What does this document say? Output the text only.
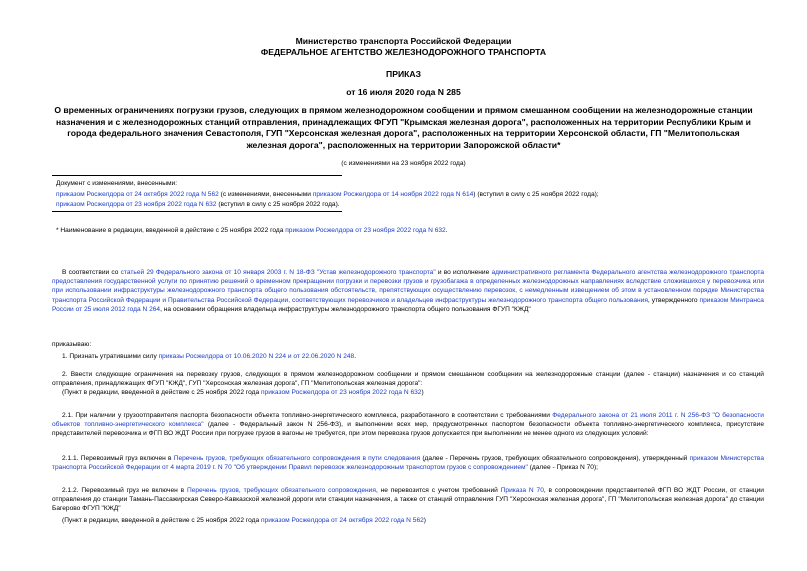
Министерство транспорта Российской Федерации
ФЕДЕРАЛЬНОЕ АГЕНТСТВО ЖЕЛЕЗНОДОРОЖНОГО ТРАНСПОРТА
ПРИКАЗ
от 16 июля 2020 года N 285
О временных ограничениях погрузки грузов, следующих в прямом железнодорожном сообщении и прямом смешанном сообщении на железнодорожные станции назначения и с железнодорожных станций отправления, принадлежащих ФГУП "Крымская железная дорога", расположенных на территории Республики Крым и города федерального значения Севастополя, ГУП "Херсонская железная дорога", расположенных на территории Херсонской области, ГП "Мелитопольская железная дорога", расположенных на территории Запорожской области*
(с изменениями на 23 ноября 2022 года)
Документ с изменениями, внесенными:
приказом Росжелдора от 24 октября 2022 года N 562 (с изменениями, внесенными приказом Росжелдора от 14 ноября 2022 года N 614) (вступил в силу с 25 ноября 2022 года);
приказом Росжелдора от 23 ноября 2022 года N 632 (вступил в силу с 25 ноября 2022 года).
* Наименование в редакции, введенной в действие с 25 ноября 2022 года приказом Росжелдора от 23 ноября 2022 года N 632.
В соответствии со статьей 29 Федерального закона от 10 января 2003 г. N 18-ФЗ "Устав железнодорожного транспорта" и во исполнение административного регламента Федерального агентства железнодорожного транспорта предоставления государственной услуги по принятию решений о временном прекращении погрузки и перевозки грузов и грузобагажа в определенных железнодорожных направлениях вследствие сложившихся у перевозчика или при использовании инфраструктуры железнодорожного транспорта общего пользования обстоятельств, препятствующих осуществлению перевозок, с немедленным извещением об этом в установленном порядке Министерства транспорта Российской Федерации и Правительства Российской Федерации, соответствующих перевозчиков и владельцев инфраструктуры железнодорожного транспорта общего пользования, утвержденного приказом Минтранса России от 25 июля 2012 года N 264, на основании обращения владельца инфраструктуры железнодорожного транспорта общего пользования ФГУП "КЖД"
приказываю:
1. Признать утратившими силу приказы Росжелдора от 10.06.2020 N 224 и от 22.06.2020 N 248.
2. Ввести следующие ограничения на перевозку грузов, следующих в прямом железнодорожном сообщении и прямом смешанном сообщении на железнодорожные станции (далее - станции) назначения и со станций отправления, принадлежащих ФГУП "КЖД", ГУП "Херсонская железная дорога", ГП "Мелитопольская железная дорога":
(Пункт в редакции, введенной в действие с 25 ноября 2022 года приказом Росжелдора от 23 ноября 2022 года N 632)
2.1. При наличии у грузоотправителя паспорта безопасности объекта топливно-энергетического комплекса, разработанного в соответствии с требованиями Федерального закона от 21 июля 2011 г. N 256-ФЗ "О безопасности объектов топливно-энергетического комплекса" (далее - Федеральный закон N 256-ФЗ), и выполнении всех мер, предусмотренных паспортом безопасности объекта топливно-энергетического комплекса, присутствие представителей перевозчика и ФГП ВО ЖДТ России при погрузке грузов в вагоны не требуется, при этом перевозка грузов допускается при выполнении не менее одного из следующих условий:
2.1.1. Перевозимый груз включен в Перечень грузов, требующих обязательного сопровождения в пути следования (далее - Перечень грузов, требующих обязательного сопровождения), утвержденный приказом Министерства транспорта Российской Федерации от 4 марта 2019 г. N 70 "Об утверждении Правил перевозок железнодорожным транспортом грузов с сопровождением" (далее - Приказ N 70);
2.1.2. Перевозимый груз не включен в Перечень грузов, требующих обязательного сопровождения, не перевозится с учетом требований Приказа N 70, в сопровождении представителей ФГП ВО ЖДТ России, от станции отправления до станции Тамань-Пассажирская Северо-Кавказской железной дороги или станции назначения, а также от станций отправления ГУП "Херсонская железная дорога", ГП "Мелитопольская железная дорога" до станции Багерово ФГУП "КЖД"
(Пункт в редакции, введенной в действие с 25 ноября 2022 года приказом Росжелдора от 24 октября 2022 года N 562)
